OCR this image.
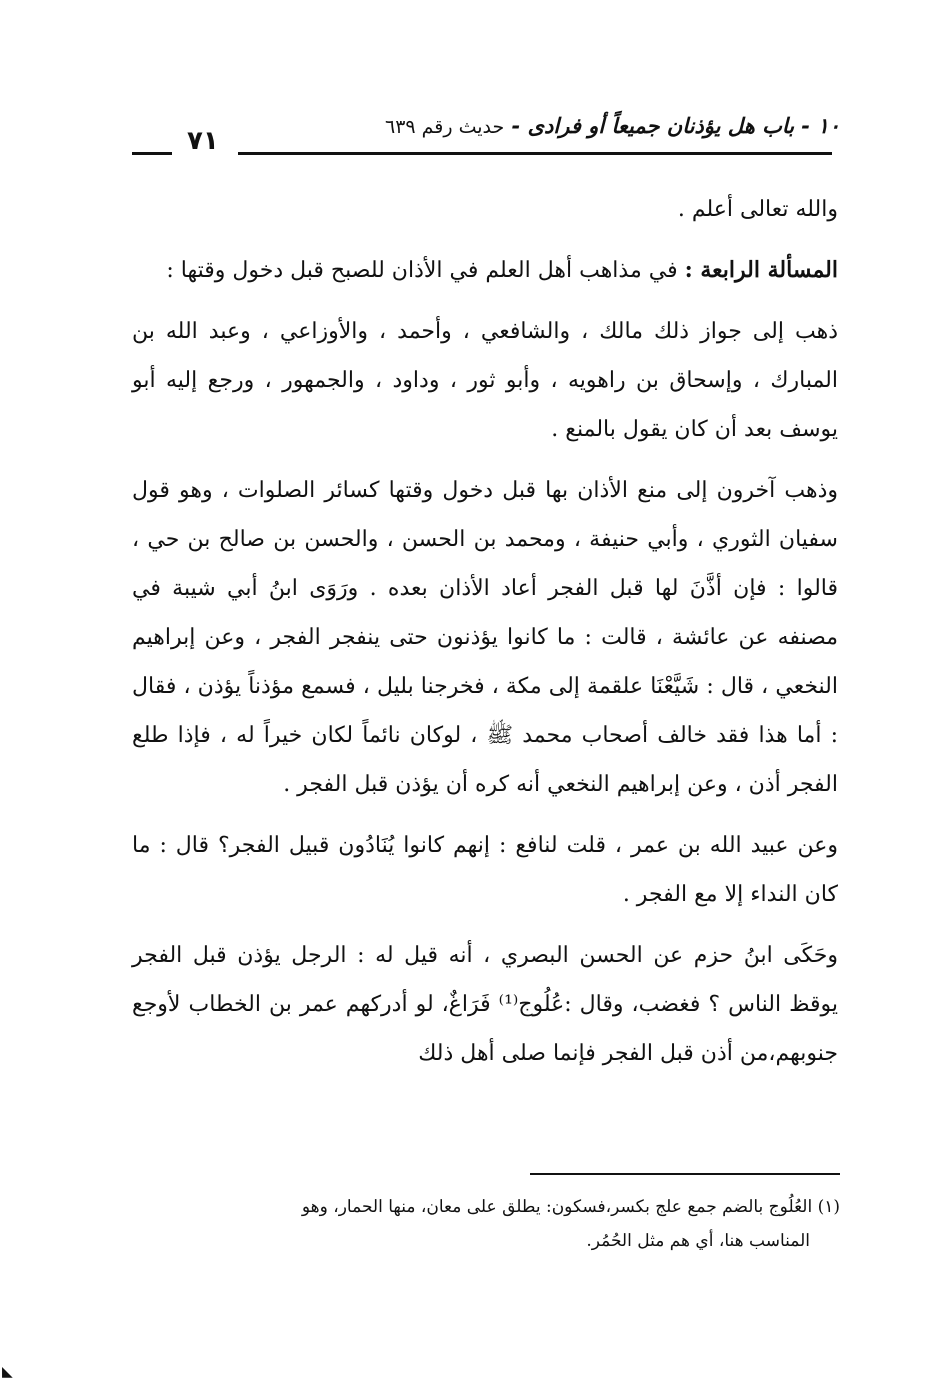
١٠ - باب هل يؤذنان جميعاً أو فرادى - حديث رقم ٦٣٩
٧١

والله تعالى أعلم .

المسألة الرابعة : في مذاهب أهل العلم في الأذان للصبح قبل دخول وقتها :

ذهب إلى جواز ذلك مالك ، والشافعي ، وأحمد ، والأوزاعي ، وعبد الله بن المبارك ، وإسحاق بن راهويه ، وأبو ثور ، وداود ، والجمهور ، ورجع إليه أبو يوسف بعد أن كان يقول بالمنع .

وذهب آخرون إلى منع الأذان بها قبل دخول وقتها كسائر الصلوات ، وهو قول سفيان الثوري ، وأبي حنيفة ، ومحمد بن الحسن ، والحسن بن صالح بن حي ، قالوا : فإن أذَّنَ لها قبل الفجر أعاد الأذان بعده . ورَوَى ابنُ أبي شيبة في مصنفه عن عائشة ، قالت : ما كانوا يؤذنون حتى ينفجر الفجر ، وعن إبراهيم النخعي ، قال : شَيَّعْنَا علقمة إلى مكة ، فخرجنا بليل ، فسمع مؤذناً يؤذن ، فقال : أما هذا فقد خالف أصحاب محمد ﷺ ، لوكان نائماً لكان خيراً له ، فإذا طلع الفجر أذن ، وعن إبراهيم النخعي أنه كره أن يؤذن قبل الفجر .

وعن عبيد الله بن عمر ، قلت لنافع : إنهم كانوا يُنَادُون قبيل الفجر؟ قال : ما كان النداء إلا مع الفجر .

وحَكَى ابنُ حزم عن الحسن البصري ، أنه قيل له : الرجل يؤذن قبل الفجر يوقظ الناس ؟ فغضب، وقال :عُلُوج⁽¹⁾ فَرَاغٌ، لو أدركهم عمر بن الخطاب لأوجع جنوبهم،من أذن قبل الفجر فإنما صلى أهل ذلك

(١) العُلُوج بالضم جمع علج بكسر،فسكون: يطلق على معان، منها الحمار، وهو

المناسب هنا، أي هم مثل الحُمُر.

◣
